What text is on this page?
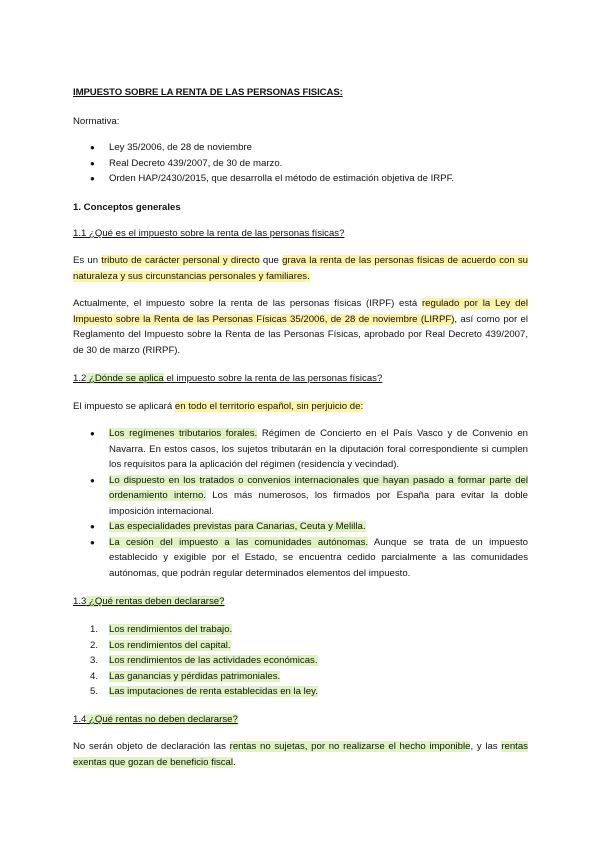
IMPUESTO SOBRE LA RENTA DE LAS PERSONAS FISICAS:
Normativa:
● Ley 35/2006, de 28 de noviembre
● Real Decreto 439/2007, de 30 de marzo.
● Orden HAP/2430/2015, que desarrolla el método de estimación objetiva de IRPF.
1. Conceptos generales
1.1 ¿Qué es el impuesto sobre la renta de las personas físicas?
Es un tributo de carácter personal y directo que grava la renta de las personas físicas de acuerdo con su naturaleza y sus circunstancias personales y familiares.
Actualmente, el impuesto sobre la renta de las personas físicas (IRPF) está regulado por la Ley del Impuesto sobre la Renta de las Personas Físicas 35/2006, de 28 de noviembre (LIRPF), así como por el Reglamento del Impuesto sobre la Renta de las Personas Físicas, aprobado por Real Decreto 439/2007, de 30 de marzo (RIRPF).
1.2 ¿Dónde se aplica el impuesto sobre la renta de las personas físicas?
El impuesto se aplicará en todo el territorio español, sin perjuicio de:
● Los regímenes tributarios forales. Régimen de Concierto en el País Vasco y de Convenio en Navarra. En estos casos, los sujetos tributarán en la diputación foral correspondiente si cumplen los requisitos para la aplicación del régimen (residencia y vecindad).
● Lo dispuesto en los tratados o convenios internacionales que hayan pasado a formar parte del ordenamiento interno. Los más numerosos, los firmados por España para evitar la doble imposición internacional.
● Las especialidades previstas para Canarias, Ceuta y Melilla.
● La cesión del impuesto a las comunidades autónomas. Aunque se trata de un impuesto establecido y exigible por el Estado, se encuentra cedido parcialmente a las comunidades autónomas, que podrán regular determinados elementos del impuesto.
1.3 ¿Qué rentas deben declararse?
1. Los rendimientos del trabajo.
2. Los rendimientos del capital.
3. Los rendimientos de las actividades económicas.
4. Las ganancias y pérdidas patrimoniales.
5. Las imputaciones de renta establecidas en la ley.
1.4 ¿Qué rentas no deben declararse?
No serán objeto de declaración las rentas no sujetas, por no realizarse el hecho imponible, y las rentas exentas que gozan de beneficio fiscal.
